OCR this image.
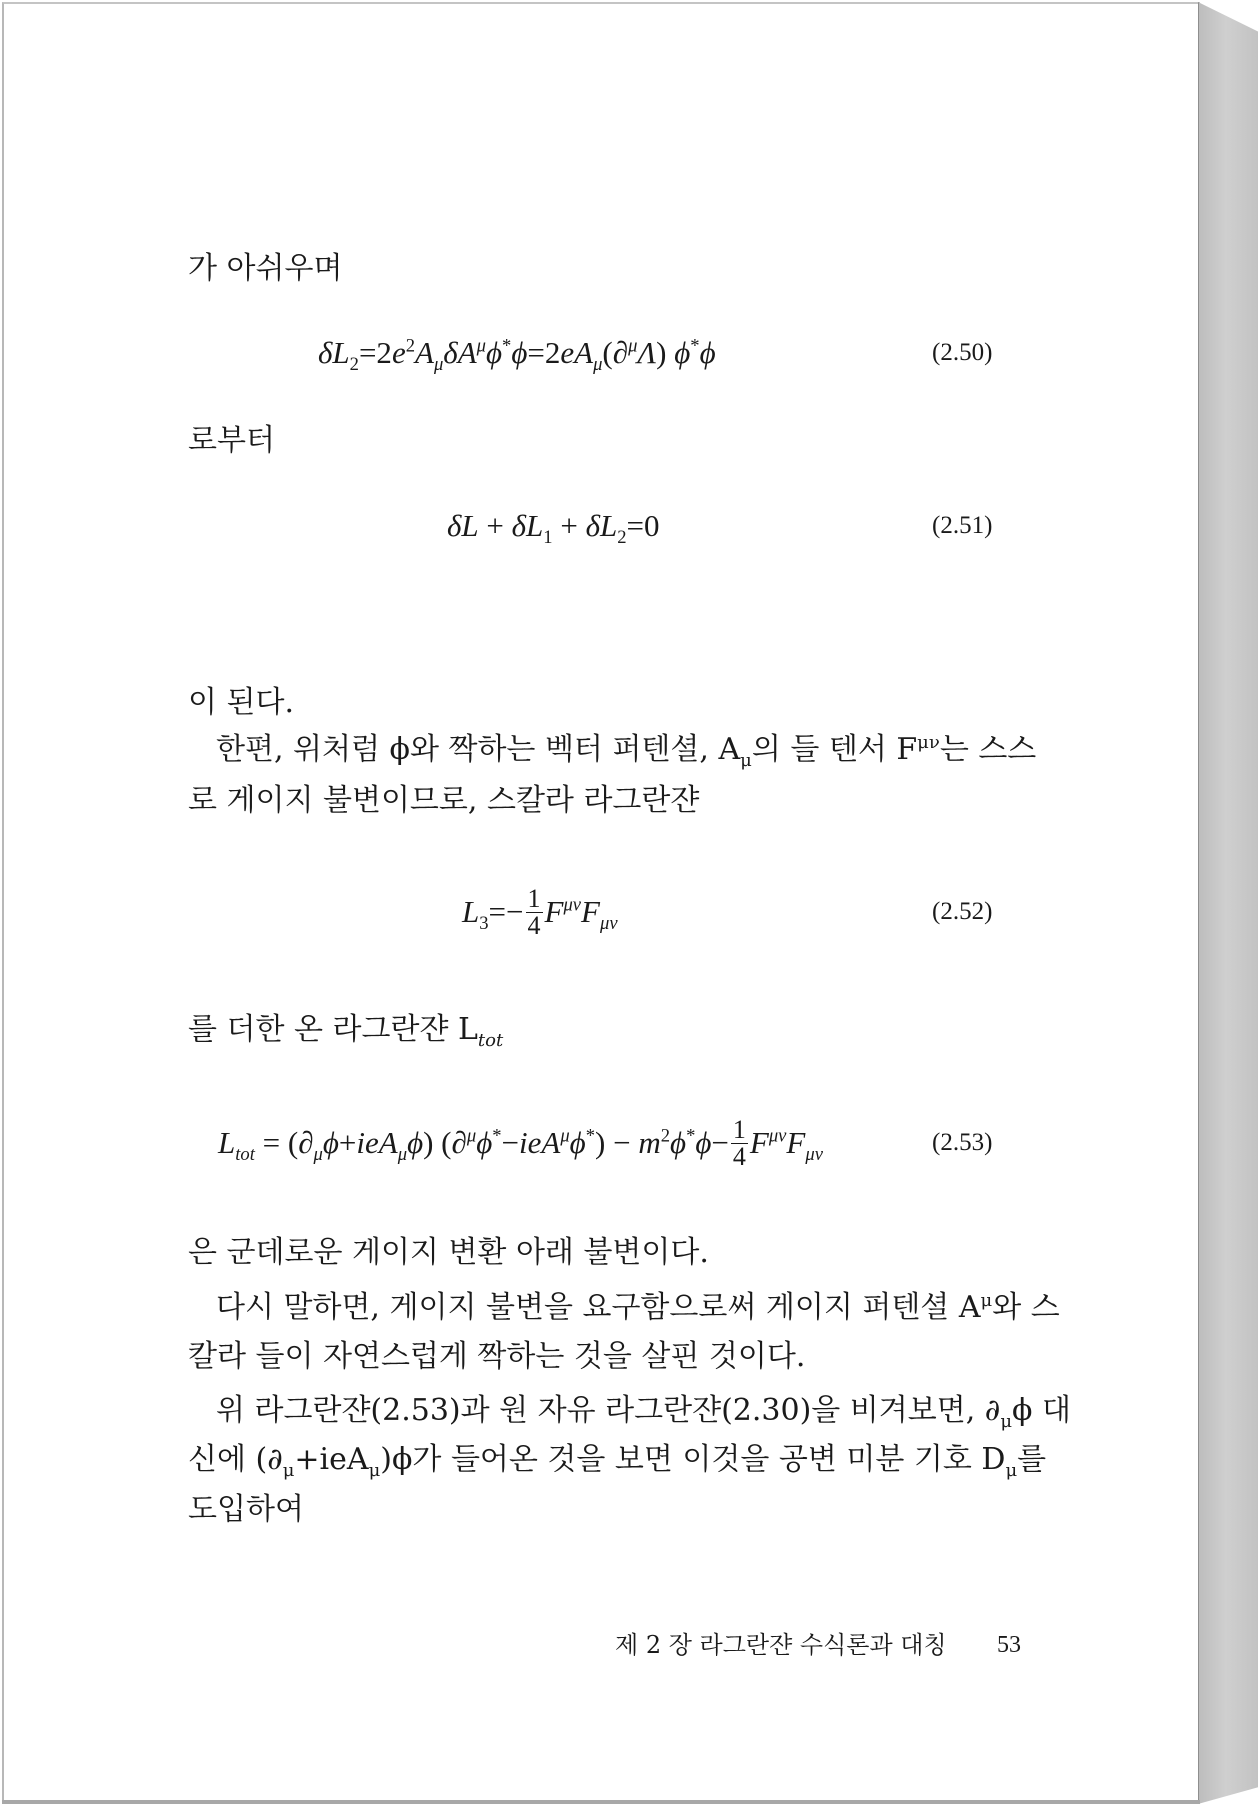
가 아쉬우며
$\delta L_2=2e^2A_\mu\delta A^\mu\phi^*\phi=2eA_\mu(\partial^\mu\Lambda)$ ϕ*ϕ	(2.50)
로부터
$\delta L + \delta L_1 + \delta L_2=0$	(2.51)
이 된다.
한편, 위처럼 ϕ와 짝하는 벡터 퍼텐셜, $A_\mu$의 들 텐서 $F^{\mu\nu}$는 스스
로 게이지 불변이므로, 스칼라 라그란쟌
$L_3=- \frac{1}{4} F^{\mu\nu}F_{\mu\nu}$	(2.52)
를 더한 온 라그란쟌 $L_{tot}$
$L_{tot} = (\partial_\mu\phi+ieA_\mu\phi) (\partial^\mu\phi^*-ieA^\mu\phi^*) - m^2\phi^*\phi- \frac{1}{4} F^{\mu\nu}F_{\mu\nu}$	(2.53)
은 군데로운 게이지 변환 아래 불변이다.
다시 말하면, 게이지 불변을 요구함으로써 게이지 퍼텐셜 $A^\mu$와 스
칼라 들이 자연스럽게 짝하는 것을 살핀 것이다.
위 라그란쟌(2.53)과 원 자유 라그란쟌(2.30)을 비겨보면, $\partial_\mu\phi$ 대
신에 $(\partial_\mu+ieA_\mu)\phi$가 들어온 것을 보면 이것을 공변 미분 기호 $D_\mu$를
도입하여
제 2 장 라그란쟌 수식론과 대칭 53
